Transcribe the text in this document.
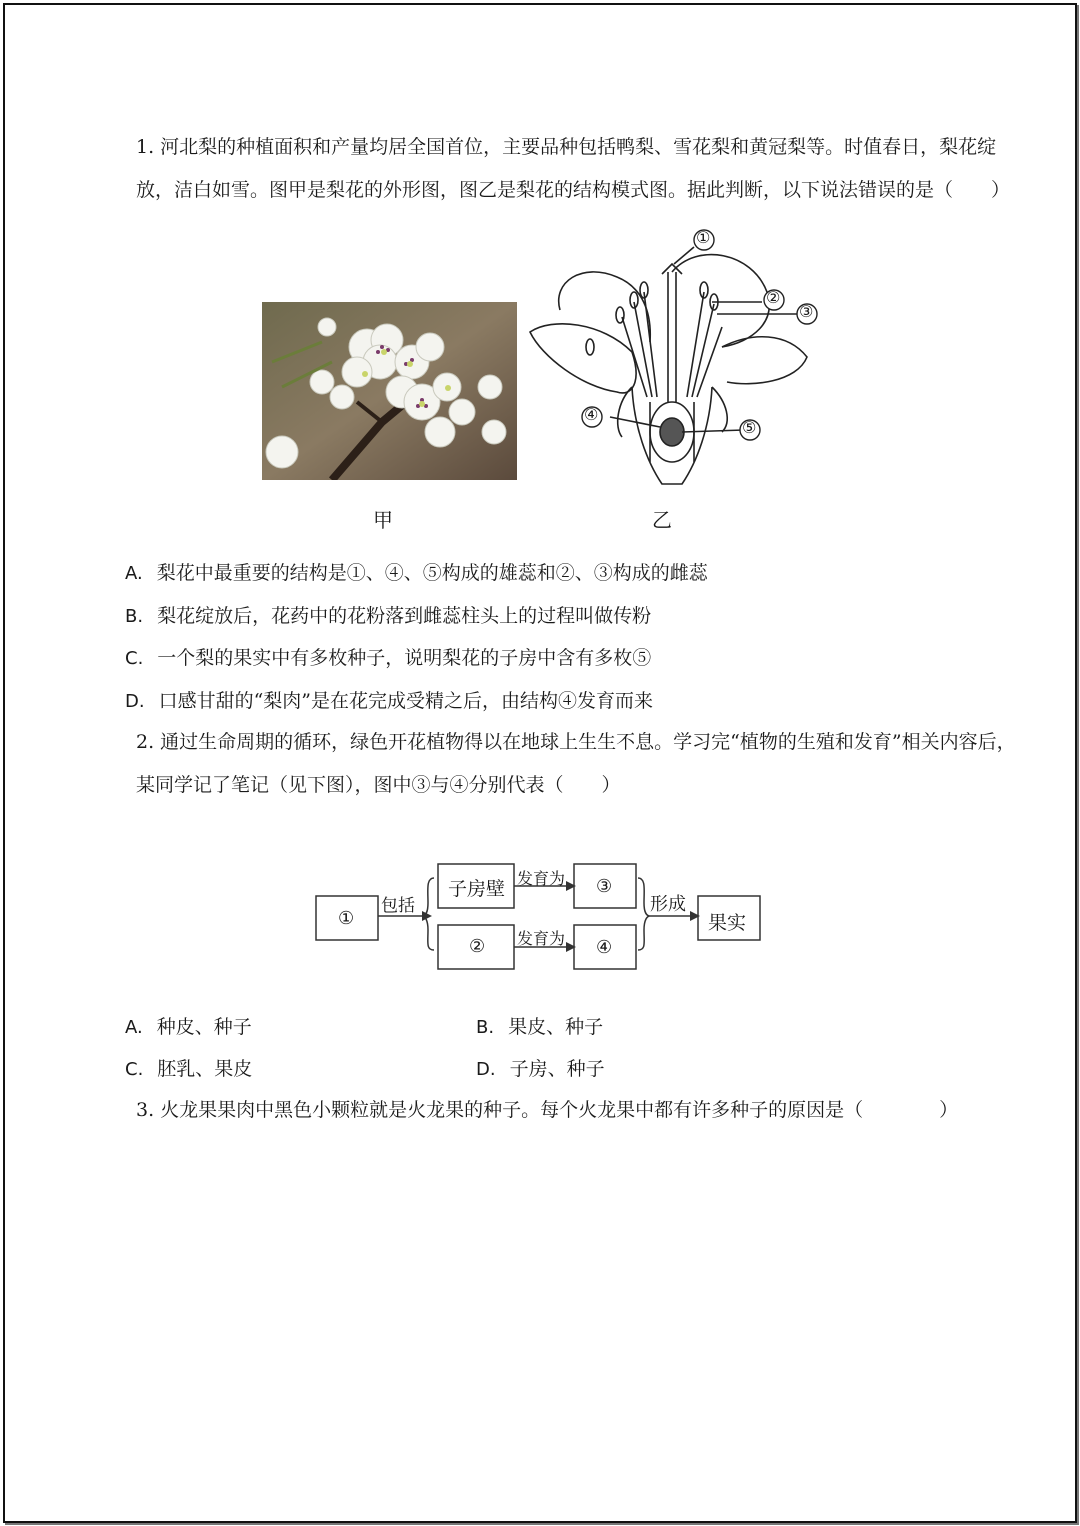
1. 河北梨的种植面积和产量均居全国首位，主要品种包括鸭梨、雪花梨和黄冠梨等。时值春日，梨花绽放，洁白如雪。图甲是梨花的外形图，图乙是梨花的结构模式图。据此判断，以下说法错误的是（　　）

甲
①
②
③
④
⑤
乙
A. 梨花中最重要的结构是①、④、⑤构成的雄蕊和②、③构成的雌蕊
B. 梨花绽放后，花药中的花粉落到雌蕊柱头上的过程叫做传粉
C. 一个梨的果实中有多枚种子，说明梨花的子房中含有多枚⑤
D. 口感甘甜的“梨肉”是在花完成受精之后，由结构④发育而来

2. 通过生命周期的循环，绿色开花植物得以在地球上生生不息。学习完“植物的生殖和发育”相关内容后，某同学记了笔记（见下图），图中③与④分别代表（　　）

①
包括
子房壁
②
发育为
发育为
③
④
形成
果实
A. 种皮、种子	B. 果皮、种子
C. 胚乳、果皮	D. 子房、种子

3. 火龙果果肉中黑色小颗粒就是火龙果的种子。每个火龙果中都有许多种子的原因是（　　　　）
